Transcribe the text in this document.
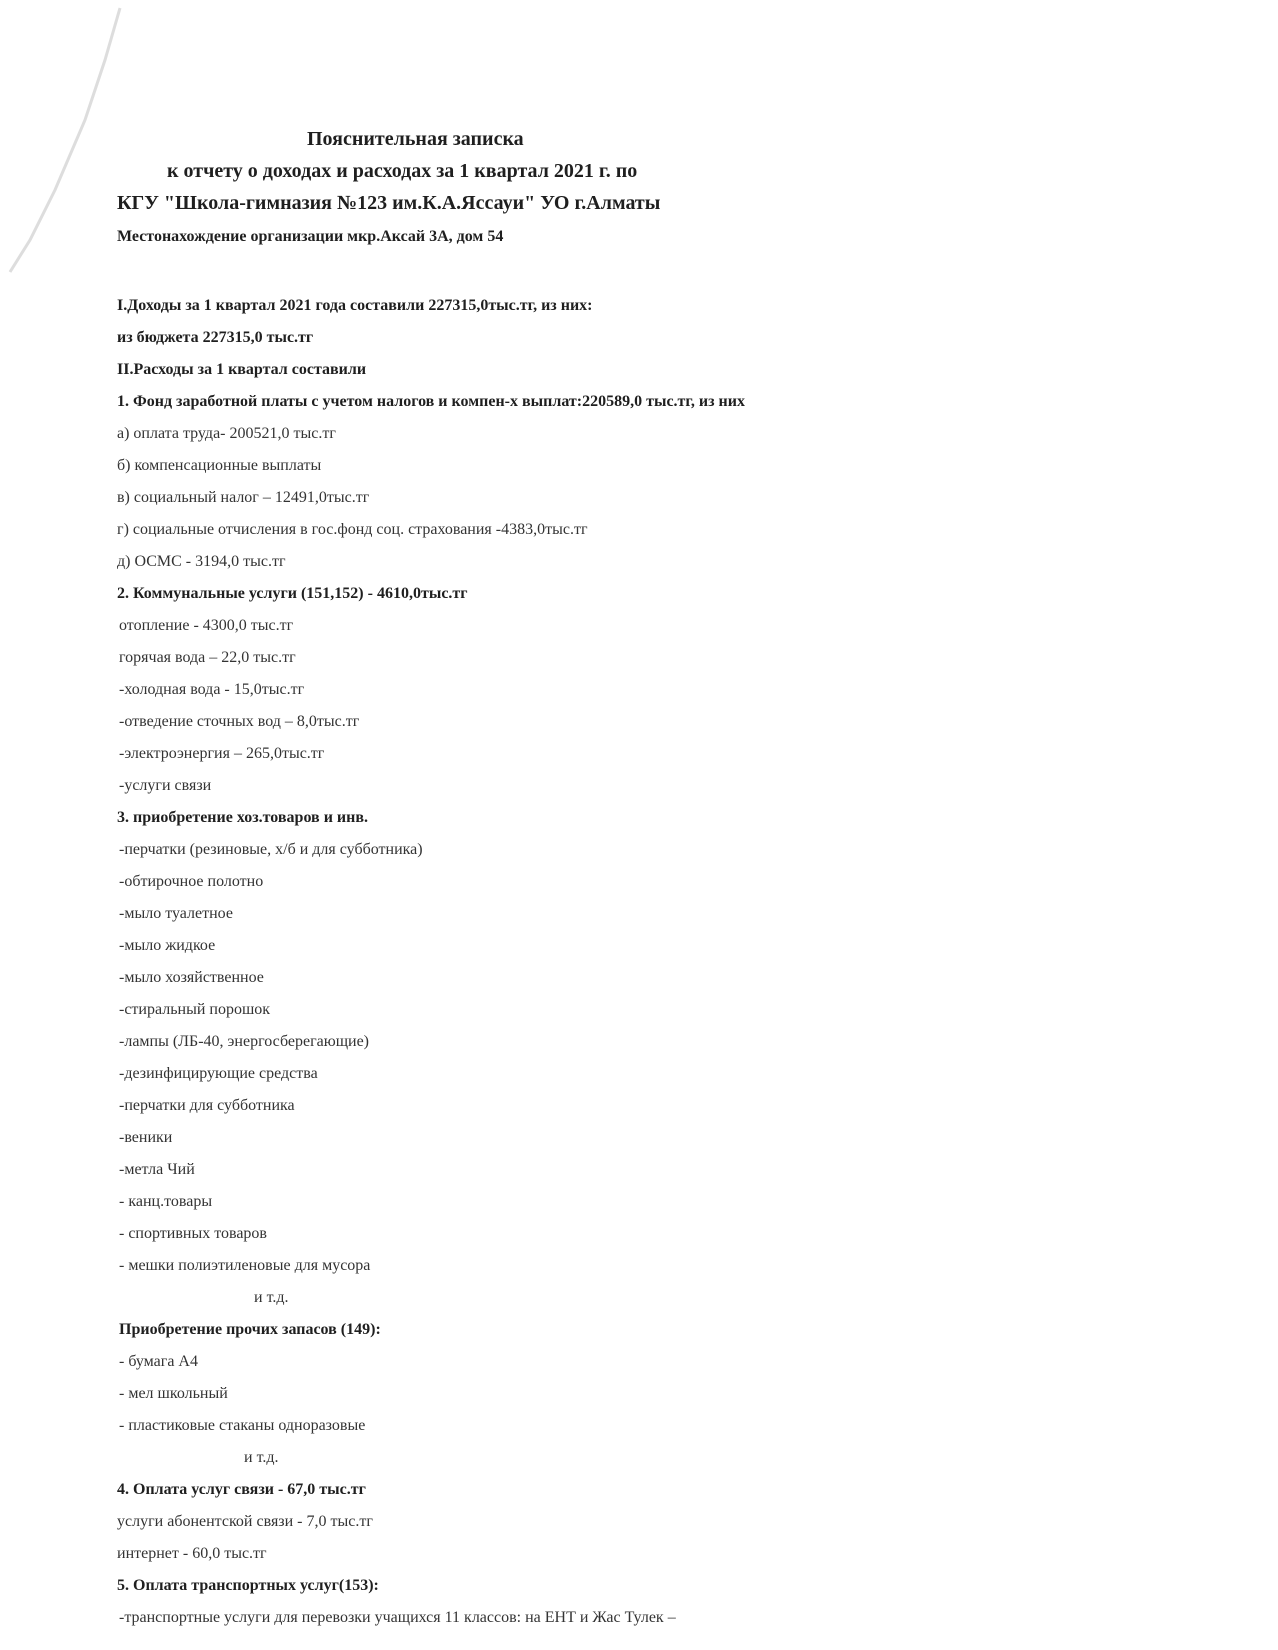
Пояснительная записка
к отчету о доходах и расходах за 1 квартал 2021 г. по
КГУ "Школа-гимназия №123 им.К.А.Яссауи" УО г.Алматы
Местонахождение организации мкр.Аксай 3А, дом 54
I.Доходы за 1 квартал 2021 года составили 227315,0тыс.тг, из них:
из бюджета 227315,0 тыс.тг
II.Расходы за 1 квартал составили
1. Фонд заработной платы с учетом налогов и компен-х выплат:220589,0 тыс.тг, из них
а) оплата труда- 200521,0 тыс.тг
б) компенсационные выплаты
в) социальный налог – 12491,0тыс.тг
г) социальные отчисления в гос.фонд соц. страхования -4383,0тыс.тг
д) ОСМС - 3194,0 тыс.тг
2. Коммунальные услуги (151,152) - 4610,0тыс.тг
отопление - 4300,0 тыс.тг
горячая вода – 22,0 тыс.тг
-холодная вода - 15,0тыс.тг
-отведение сточных вод – 8,0тыс.тг
-электроэнергия – 265,0тыс.тг
-услуги связи
3. приобретение хоз.товаров и инв.
-перчатки (резиновые, х/б и для субботника)
-обтирочное полотно
-мыло туалетное
-мыло жидкое
-мыло хозяйственное
-стиральный порошок
-лампы (ЛБ-40, энергосберегающие)
-дезинфицирующие средства
-перчатки для субботника
-веники
-метла Чий
- канц.товары
- спортивных товаров
- мешки полиэтиленовые для мусора
и т.д.
Приобретение прочих запасов (149):
- бумага А4
- мел школьный
- пластиковые стаканы одноразовые
и т.д.
4. Оплата услуг связи - 67,0 тыс.тг
услуги абонентской связи - 7,0 тыс.тг
интернет - 60,0 тыс.тг
5. Оплата транспортных услуг(153):
-транспортные услуги для перевозки учащихся 11 классов: на ЕНТ и Жас Тулек –
